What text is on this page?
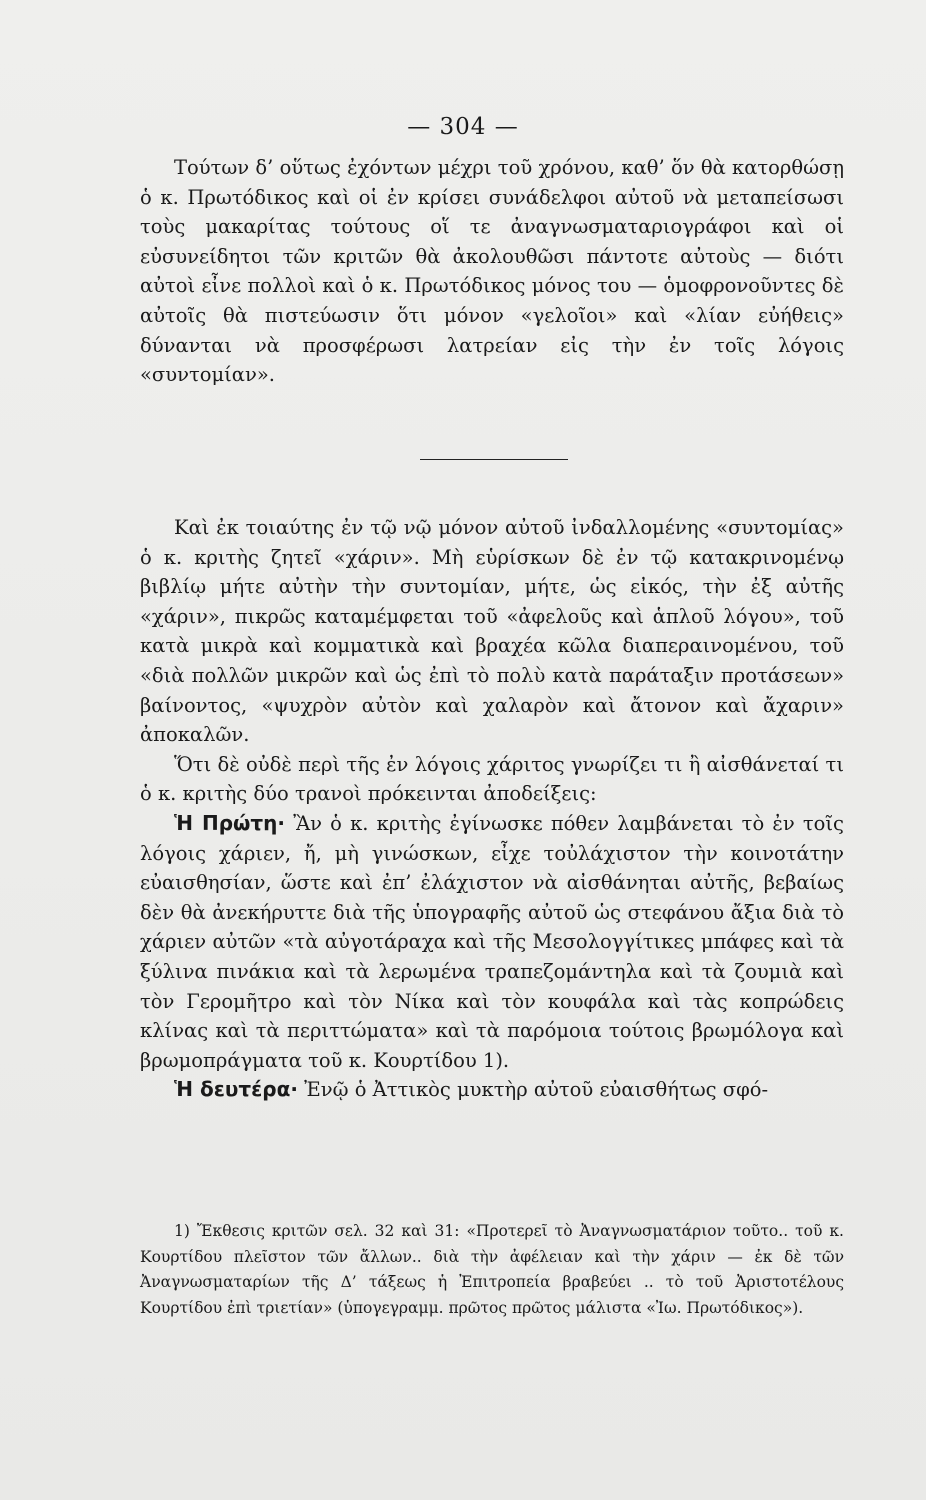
— 304 —

Τούτων δ’ οὕτως ἐχόντων μέχρι τοῦ χρόνου, καθ’ ὅν θὰ κατορθώσῃ ὁ κ. Πρωτόδικος καὶ οἱ ἐν κρίσει συνάδελφοι αὐτοῦ νὰ μεταπείσωσι τοὺς μακαρίτας τούτους οἵ τε ἀναγνωσματαριογράφοι καὶ οἱ εὐσυνείδητοι τῶν κριτῶν θὰ ἀκολουθῶσι πάντοτε αὐτοὺς — διότι αὐτοὶ εἶνε πολλοὶ καὶ ὁ κ. Πρωτόδικος μόνος του — ὁμοφρονοῦντες δὲ αὐτοῖς θὰ πιστεύωσιν ὅτι μόνον «γελοῖοι» καὶ «λίαν εὐήθεις» δύνανται νὰ προσφέρωσι λατρείαν εἰς τὴν ἐν τοῖς λόγοις «συντομίαν».

Καὶ ἐκ τοιαύτης ἐν τῷ νῷ μόνον αὐτοῦ ἰνδαλλομένης «συντομίας» ὁ κ. κριτὴς ζητεῖ «χάριν». Μὴ εὑρίσκων δὲ ἐν τῷ κατακρινομένῳ βιβλίῳ μήτε αὐτὴν τὴν συντομίαν, μήτε, ὡς εἰκός, τὴν ἐξ αὐτῆς «χάριν», πικρῶς καταμέμφεται τοῦ «ἀφελοῦς καὶ ἁπλοῦ λόγου», τοῦ κατὰ μικρὰ καὶ κομματικὰ καὶ βραχέα κῶλα διαπεραινομένου, τοῦ «διὰ πολλῶν μικρῶν καὶ ὡς ἐπὶ τὸ πολὺ κατὰ παράταξιν προτάσεων» βαίνοντος, «ψυχρὸν αὐτὸν καὶ χαλαρὸν καὶ ἄτονον καὶ ἄχαριν» ἀποκαλῶν.

Ὅτι δὲ οὐδὲ περὶ τῆς ἐν λόγοις χάριτος γνωρίζει τι ἢ αἰσθάνεταί τι ὁ κ. κριτὴς δύο τρανοὶ πρόκεινται ἀποδείξεις:

Ἡ Πρώτη· Ἂν ὁ κ. κριτὴς ἐγίνωσκε πόθεν λαμβάνεται τὸ ἐν τοῖς λόγοις χάριεν, ἤ, μὴ γινώσκων, εἶχε τοὐλάχιστον τὴν κοινοτάτην εὐαισθησίαν, ὥστε καὶ ἐπ’ ἐλάχιστον νὰ αἰσθάνηται αὐτῆς, βεβαίως δὲν θὰ ἀνεκήρυττε διὰ τῆς ὑπογραφῆς αὐτοῦ ὡς στεφάνου ἄξια διὰ τὸ χάριεν αὐτῶν «τὰ αὐγοτάραχα καὶ τῆς Μεσολογγίτικες μπάφες καὶ τὰ ξύλινα πινάκια καὶ τὰ λερωμένα τραπεζομάντηλα καὶ τὰ ζουμιὰ καὶ τὸν Γερομῆτρο καὶ τὸν Νίκα καὶ τὸν κουφάλα καὶ τὰς κοπρώδεις κλίνας καὶ τὰ περιττώματα» καὶ τὰ παρόμοια τούτοις βρωμόλογα καὶ βρωμοπράγματα τοῦ κ. Κουρτίδου 1).

Ἡ δευτέρα· Ἐνῷ ὁ Ἀττικὸς μυκτὴρ αὐτοῦ εὐαισθήτως σφό-

1) Ἔκθεσις κριτῶν σελ. 32 καὶ 31: «Προτερεῖ τὸ Ἀναγνωσματάριον τοῦτο.. τοῦ κ. Κουρτίδου πλεῖστον τῶν ἄλλων.. διὰ τὴν ἀφέλειαν καὶ τὴν χάριν — ἐκ δὲ τῶν Ἀναγνωσματαρίων τῆς Δ’ τάξεως ἡ Ἐπιτροπεία βραβεύει .. τὸ τοῦ Ἀριστοτέλους Κουρτίδου ἐπὶ τριετίαν» (ὑπογεγραμμ. πρῶτος πρῶτος μάλιστα «Ἰω. Πρωτόδικος»).
